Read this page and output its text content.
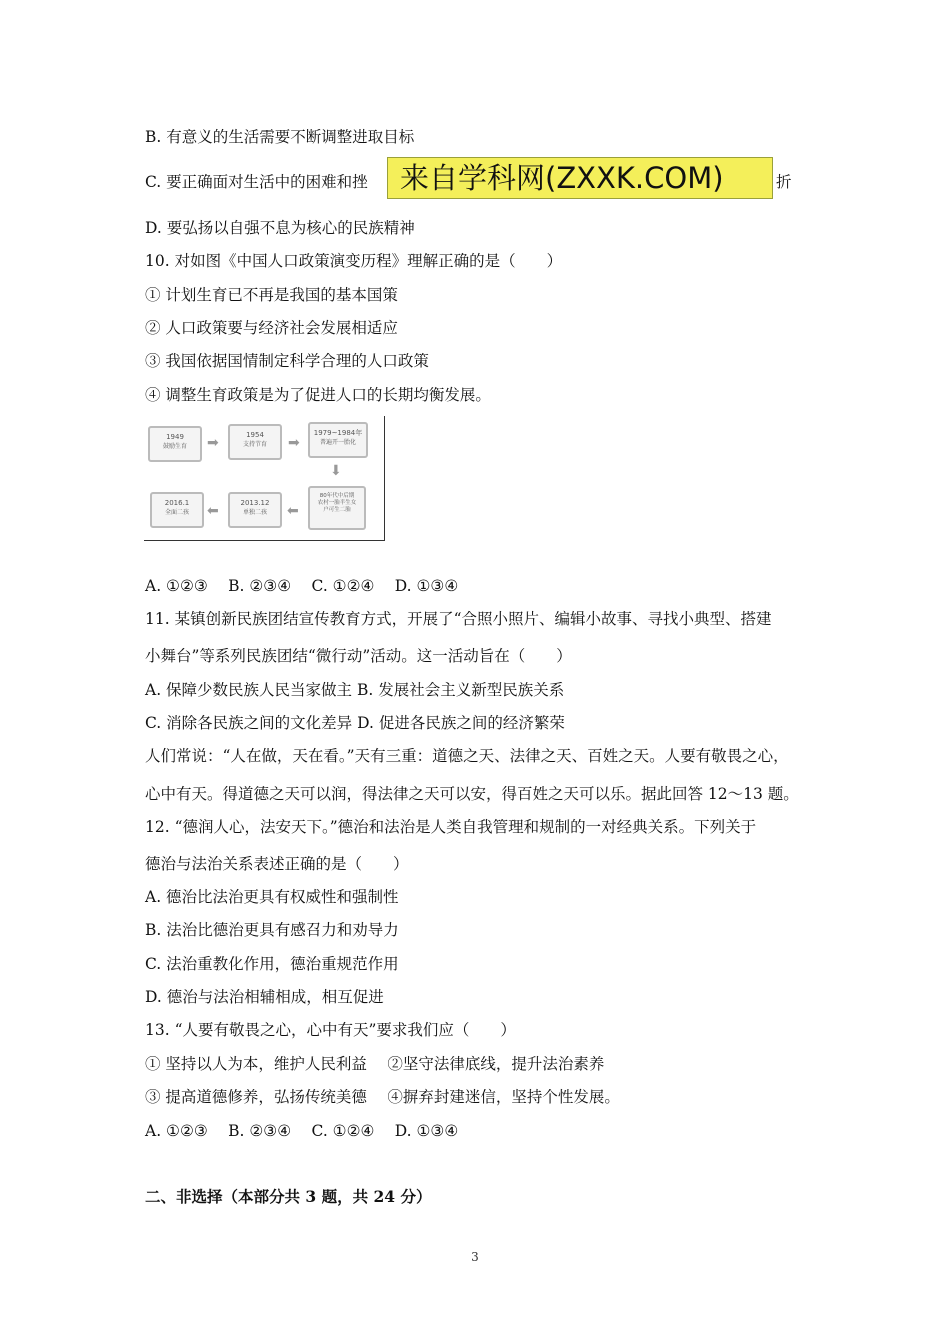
B. 有意义的生活需要不断调整进取目标
C. 要正确面对生活中的困难和挫	来自学科网(ZXXK.COM)	折
D. 要弘扬以自强不息为核心的民族精神
10. 对如图《中国人口政策演变历程》理解正确的是（　　）
① 计划生育已不再是我国的基本国策
② 人口政策要与经济社会发展相适应
③ 我国依据国情制定科学合理的人口政策
④ 调整生育政策是为了促进人口的长期均衡发展。
1949
鼓励生育	➡	1954
支持节育	➡
1979~1984年
普遍开一胎化
⬇
80年代中后期
农村一胎半生女
户可生二胎
⬅
2013.12
单独二孩
⬅
2016.1
全面二孩
A. ①②③　 B. ②③④　 C. ①②④　 D. ①③④
11. 某镇创新民族团结宣传教育方式，开展了“合照小照片、编辑小故事、寻找小典型、搭建
小舞台”等系列民族团结“微行动”活动。这一活动旨在（　　）
A. 保障少数民族人民当家做主 B. 发展社会主义新型民族关系
C. 消除各民族之间的文化差异 D. 促进各民族之间的经济繁荣
人们常说：“人在做，天在看。”天有三重：道德之天、法律之天、百姓之天。人要有敬畏之心，
心中有天。得道德之天可以润，得法律之天可以安，得百姓之天可以乐。据此回答 12～13 题。
12. “德润人心，法安天下。”德治和法治是人类自我管理和规制的一对经典关系。下列关于
德治与法治关系表述正确的是（　　）
A. 德治比法治更具有权威性和强制性
B. 法治比德治更具有感召力和劝导力
C. 法治重教化作用，德治重规范作用
D. 德治与法治相辅相成，相互促进
13. “人要有敬畏之心，心中有天”要求我们应（　　）
① 坚持以人为本，维护人民利益　 ②坚守法律底线，提升法治素养
③ 提高道德修养，弘扬传统美德　 ④摒弃封建迷信，坚持个性发展。
A. ①②③　 B. ②③④　 C. ①②④　 D. ①③④
二、非选择（本部分共 3 题，共 24 分）
3
